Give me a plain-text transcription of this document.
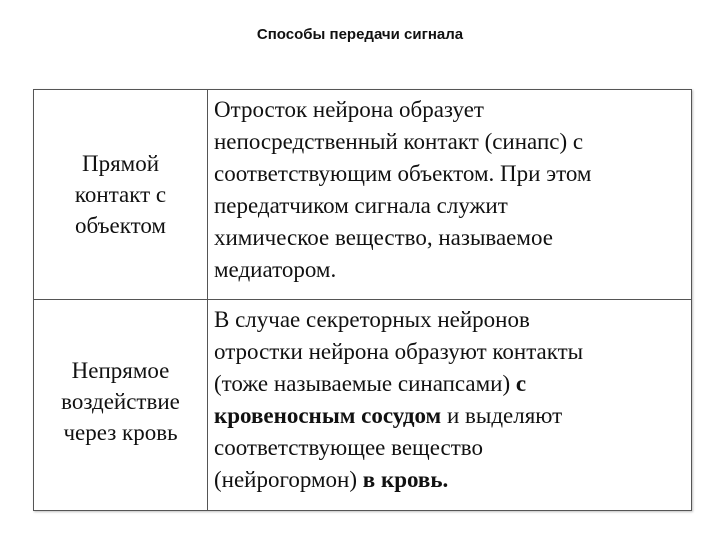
Способы передачи сигнала
Прямой
контакт с
объектом
Отросток нейрона образует
непосредственный контакт (синапс) с
соответствующим объектом. При этом
передатчиком сигнала служит
химическое вещество, называемое
медиатором.
Непрямое
воздействие
через кровь
В случае секреторных нейронов
отростки нейрона образуют контакты
(тоже называемые синапсами) с
кровеносным сосудом и выделяют
соответствующее вещество
(нейрогормон) в кровь.
